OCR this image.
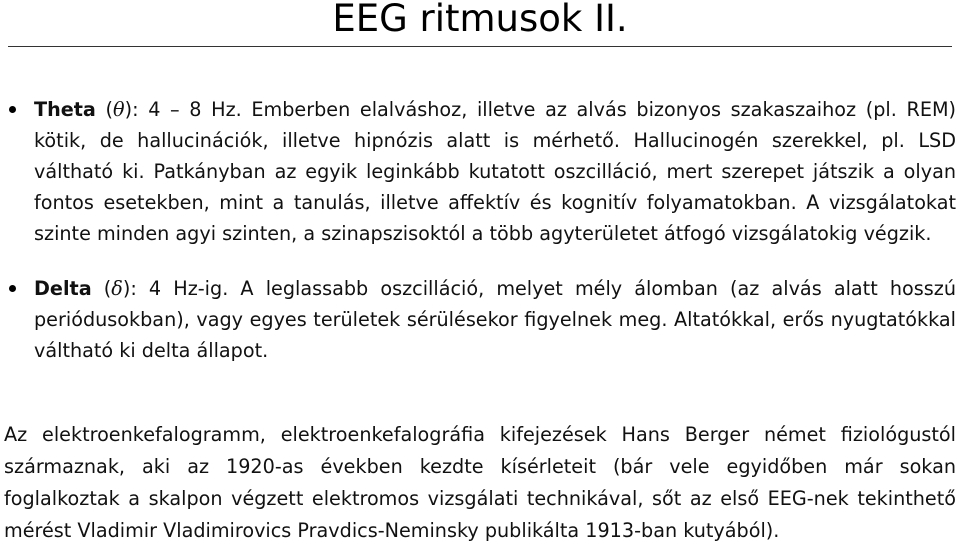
EEG ritmusok II.
Theta (θ): 4 – 8 Hz. Emberben elalváshoz, illetve az alvás bizonyos szakaszaihoz (pl. REM) kötik, de hallucinációk, illetve hipnózis alatt is mérhető. Hallucinogén szerekkel, pl. LSD váltható ki. Patkányban az egyik leginkább kutatott oszcilláció, mert szerepet játszik a olyan fontos esetekben, mint a tanulás, illetve affektív és kognitív folyamatokban. A vizsgálatokat szinte minden agyi szinten, a szinapszisoktól a több agyterületet átfogó vizsgálatokig végzik.
Delta (δ): 4 Hz-ig. A leglassabb oszcilláció, melyet mély álomban (az alvás alatt hosszú periódusokban), vagy egyes területek sérülésekor figyelnek meg. Altatókkal, erős nyugtatókkal váltható ki delta állapot.

Az elektroenkefalogramm, elektroenkefalográfia kifejezések Hans Berger német fiziológustól származnak, aki az 1920-as években kezdte kísérleteit (bár vele egyidőben már sokan foglalkoztak a skalpon végzett elektromos vizsgálati technikával, sőt az első EEG-nek tekinthető mérést Vladimir Vladimirovics Pravdics-Neminsky publikálta 1913-ban kutyából).
